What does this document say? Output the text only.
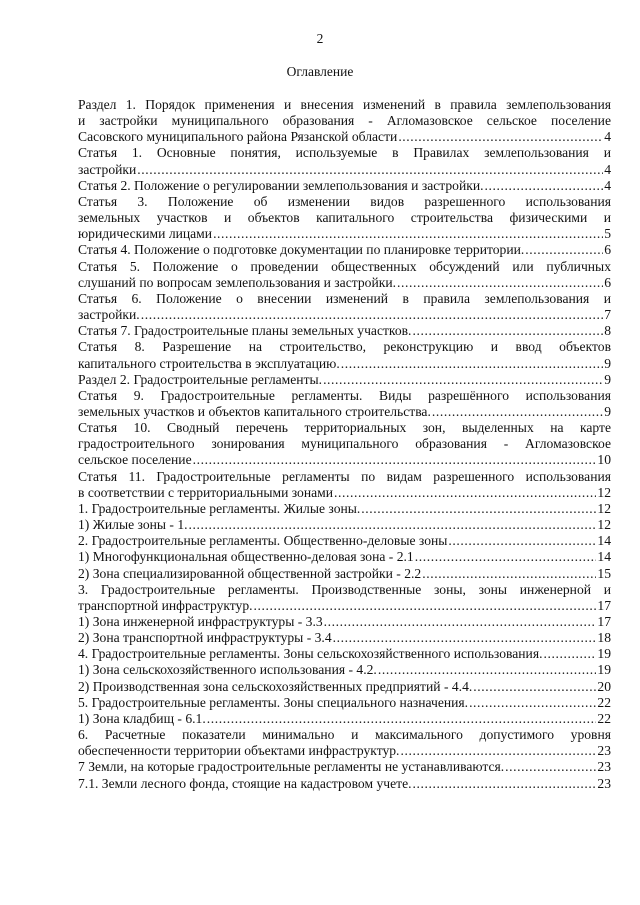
2
Оглавление
Раздел 1. Порядок применения и внесения изменений в правила землепользования
и застройки муниципального образования - Агломазовское сельское поселение
Сасовского муниципального района Рязанской области .....	4
Статья 1. Основные понятия, используемые в Правилах землепользования и
застройки .....	4
Статья 2. Положение о регулировании землепользования и застройки. .....	4
Статья 3. Положение об изменении видов разрешенного использования
земельных участков и объектов капитального строительства физическими и
юридическими лицами .....	5
Статья 4. Положение о подготовке документации по планировке территории. .....	6
Статья 5. Положение о проведении общественных обсуждений или публичных
слушаний по вопросам землепользования и застройки. .....	6
Статья 6. Положение о внесении изменений в правила землепользования и
застройки. .....	7
Статья 7. Градостроительные планы земельных участков. .....	8
Статья 8. Разрешение на строительство, реконструкцию и ввод объектов
капитального строительства в эксплуатацию. .....	9
Раздел 2. Градостроительные регламенты. .....	9
Статья 9. Градостроительные регламенты. Виды разрешённого использования
земельных участков и объектов капитального строительства. .....	9
Статья 10. Сводный перечень территориальных зон, выделенных на карте
градостроительного зонирования муниципального образования - Агломазовское
сельское поселение .....	10
Статья 11. Градостроительные регламенты по видам разрешенного использования
в соответствии с территориальными зонами .....	12
1. Градостроительные регламенты. Жилые зоны. .....	12
1) Жилые зоны - 1. .....	12
2. Градостроительные регламенты. Общественно-деловые зоны .....	14
1) Многофункциональная общественно-деловая зона - 2.1 .....	14
2) Зона специализированной общественной застройки - 2.2 .....	15
3. Градостроительные регламенты. Производственные зоны, зоны инженерной и
транспортной инфраструктур. .....	17
1) Зона инженерной инфраструктуры - 3.3 .....	17
2) Зона транспортной инфраструктуры - 3.4 .....	18
4. Градостроительные регламенты. Зоны сельскохозяйственного использования. .....	19
1) Зона сельскохозяйственного использования - 4.2. .....	19
2) Производственная зона сельскохозяйственных предприятий - 4.4. .....	20
5. Градостроительные регламенты. Зоны специального назначения. .....	22
1) Зона кладбищ - 6.1. .....	22
6. Расчетные показатели минимально и максимального допустимого уровня
обеспеченности территории объектами инфраструктур. .....	23
7 Земли, на которые градостроительные регламенты не устанавливаются. .....	23
7.1. Земли лесного фонда, стоящие на кадастровом учете. .....	23
